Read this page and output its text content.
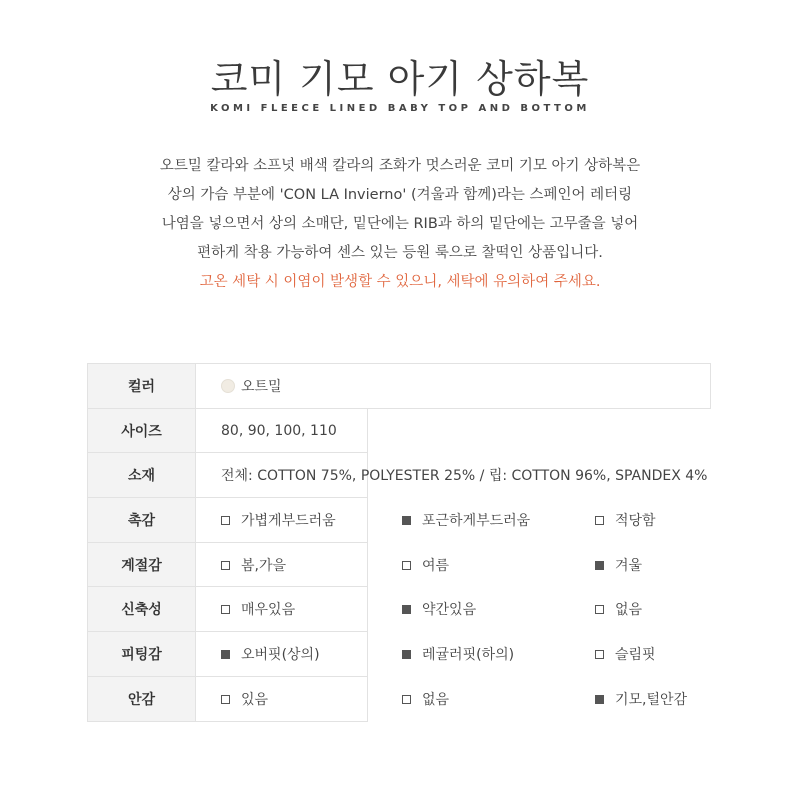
코미 기모 아기 상하복
KOMI FLEECE LINED BABY TOP AND BOTTOM
오트밀 칼라와 소프넛 배색 칼라의 조화가 멋스러운 코미 기모 아기 상하복은
상의 가슴 부분에 'CON LA Invierno' (겨울과 함께)라는 스페인어 레터링
나염을 넣으면서 상의 소매단, 밑단에는 RIB과 하의 밑단에는 고무줄을 넣어
편하게 착용 가능하여 센스 있는 등원 룩으로 찰떡인 상품입니다.
고온 세탁 시 이염이 발생할 수 있으니, 세탁에 유의하여 주세요.
컬러	오트밀
사이즈	80, 90, 100, 110
소재	전체: COTTON 75%, POLYESTER 25% / 립: COTTON 96%, SPANDEX 4%
촉감	가볍게부드러움 포근하게부드러움 적당함
계절감	봄,가을 여름 겨울
신축성	매우있음 약간있음 없음
피팅감	오버핏(상의) 레귤러핏(하의) 슬림핏
안감	있음 없음 기모,털안감
